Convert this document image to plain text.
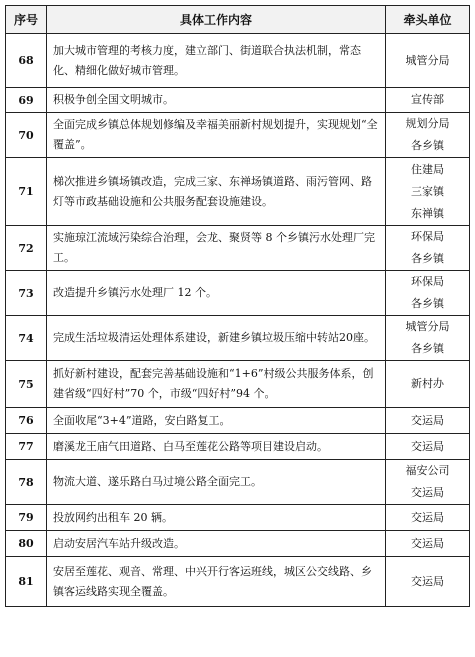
序号	具体工作内容	牵头单位
68	加大城市管理的考核力度，建立部门、街道联合执法机制，常态化、精细化做好城市管理。	城管分局

69	积极争创全国文明城市。	宣传部

70	全面完成乡镇总体规划修编及幸福美丽新村规划提升，实现规划“全覆盖”。	规划分局
各乡镇

71	梯次推进乡镇场镇改造，完成三家、东禅场镇道路、雨污管网、路灯等市政基础设施和公共服务配套设施建设。	住建局
三家镇
东禅镇

72	实施琼江流域污染综合治理，会龙、聚贤等 8 个乡镇污水处理厂完工。	环保局
各乡镇

73	改造提升乡镇污水处理厂 12 个。	环保局
各乡镇

74	完成生活垃圾清运处理体系建设，新建乡镇垃圾压缩中转站20座。	城管分局
各乡镇

75	抓好新村建设，配套完善基础设施和“1+6”村级公共服务体系，创建省级“四好村”70 个，市级“四好村”94 个。	新村办

76	全面收尾“3+4”道路，安白路复工。	交运局

77	磨溪龙王庙气田道路、白马至莲花公路等项目建设启动。	交运局

78	物流大道、遂乐路白马过境公路全面完工。	福安公司
交运局

79	投放网约出租车 20 辆。	交运局

80	启动安居汽车站升级改造。	交运局

81	安居至莲花、观音、常理、中兴开行客运班线，城区公交线路、乡镇客运线路实现全覆盖。	交运局
